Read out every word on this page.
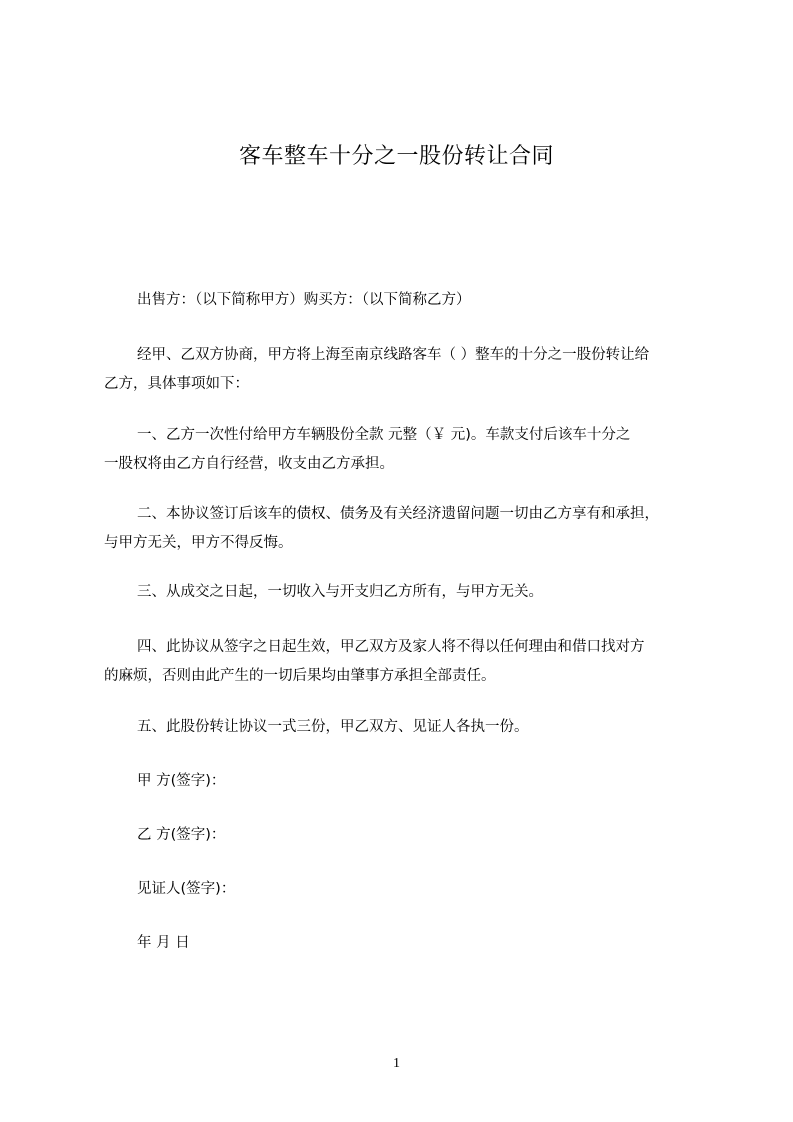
客车整车十分之一股份转让合同
出售方：（以下简称甲方）购买方：（以下简称乙方）
经甲、乙双方协商，甲方将上海至南京线路客车（ ）整车的十分之一股份转让给
乙方，具体事项如下：
一、乙方一次性付给甲方车辆股份全款 元整（￥ 元)。车款支付后该车十分之
一股权将由乙方自行经营，收支由乙方承担。
二、本协议签订后该车的债权、债务及有关经济遗留问题一切由乙方享有和承担，
与甲方无关，甲方不得反悔。
三、从成交之日起，一切收入与开支归乙方所有，与甲方无关。
四、此协议从签字之日起生效，甲乙双方及家人将不得以任何理由和借口找对方
的麻烦，否则由此产生的一切后果均由肇事方承担全部责任。
五、此股份转让协议一式三份，甲乙双方、见证人各执一份。
甲 方(签字)：
乙 方(签字)：
见证人(签字)：
年 月 日
1
